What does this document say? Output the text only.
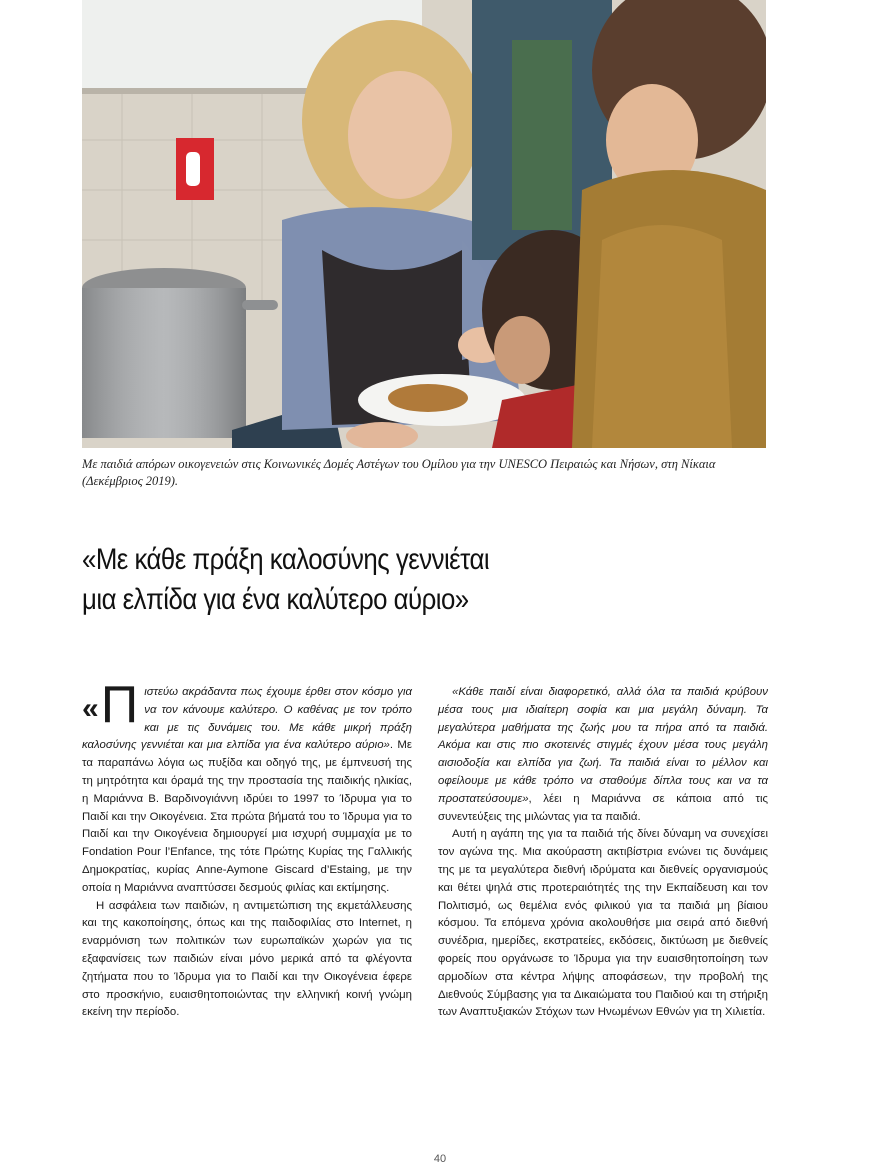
Με παιδιά απόρων οικογενειών στις Κοινωνικές Δομές Αστέγων του Ομίλου για την UNESCO Πειραιώς και Νήσων, στη Νίκαια (Δεκέμβριος 2019).
«Με κάθε πράξη καλοσύνης γεννιέται
μια ελπίδα για ένα καλύτερο αύριο»

« Π ιστεύω ακράδαντα πως έχουμε έρθει στον κόσμο για να τον κάνουμε καλύτερο. Ο καθένας με τον τρόπο και με τις δυνάμεις του. Με κάθε μικρή πράξη καλοσύνης γεννιέται και μια ελπίδα για ένα καλύτερο αύριο». Με τα παραπάνω λόγια ως πυξίδα και οδηγό της, με έμπνευσή της τη μητρότητα και όραμά της την προστασία της παιδικής ηλικίας, η Μαριάννα Β. Βαρδινογιάννη ιδρύει το 1997 το Ίδρυμα για το Παιδί και την Οικογένεια. Στα πρώτα βήματά του το Ίδρυμα για το Παιδί και την Οικογένεια δημιουργεί μια ισχυρή συμμαχία με το Fondation Pour l’Enfance, της τότε Πρώτης Κυρίας της Γαλλικής Δημοκρατίας, κυρίας Anne-Aymone Giscard d’Estaing, με την οποία η Μαριάννα αναπτύσσει δεσμούς φιλίας και εκτίμησης.

Η ασφάλεια των παιδιών, η αντιμετώπιση της εκμετάλλευσης και της κακοποίησης, όπως και της παιδοφιλίας στο Internet, η εναρμόνιση των πολιτικών των ευρωπαϊκών χωρών για τις εξαφανίσεις των παιδιών είναι μόνο μερικά από τα φλέγοντα ζητήματα που το Ίδρυμα για το Παιδί και την Οικογένεια έφερε στο προσκήνιο, ευαισθητοποιώντας την ελληνική κοινή γνώμη εκείνη την περίοδο.

«Κάθε παιδί είναι διαφορετικό, αλλά όλα τα παιδιά κρύβουν μέσα τους μια ιδιαίτερη σοφία και μια μεγάλη δύναμη. Τα μεγαλύτερα μαθήματα της ζωής μου τα πήρα από τα παιδιά. Ακόμα και στις πιο σκοτεινές στιγμές έχουν μέσα τους μεγάλη αισιοδοξία και ελπίδα για ζωή. Τα παιδιά είναι το μέλλον και οφείλουμε με κάθε τρόπο να σταθούμε δίπλα τους και να τα προστατεύσουμε», λέει η Μαριάννα σε κάποια από τις συνεντεύξεις της μιλώντας για τα παιδιά.

Αυτή η αγάπη της για τα παιδιά τής δίνει δύναμη να συνεχίσει τον αγώνα της. Μια ακούραστη ακτιβίστρια ενώνει τις δυνάμεις της με τα μεγαλύτερα διεθνή ιδρύματα και διεθνείς οργανισμούς και θέτει ψηλά στις προτεραιότητές της την Εκπαίδευση και τον Πολιτισμό, ως θεμέλια ενός φιλικού για τα παιδιά μη βίαιου κόσμου. Τα επόμενα χρόνια ακολουθήσε μια σειρά από διεθνή συνέδρια, ημερίδες, εκστρατείες, εκδόσεις, δικτύωση με διεθνείς φορείς που οργάνωσε το Ίδρυμα για την ευαισθητοποίηση των αρμοδίων στα κέντρα λήψης αποφάσεων, την προβολή της Διεθνούς Σύμβασης για τα Δικαιώματα του Παιδιού και τη στήριξη των Αναπτυξιακών Στόχων των Ηνωμένων Εθνών για τη Χιλιετία.

40
